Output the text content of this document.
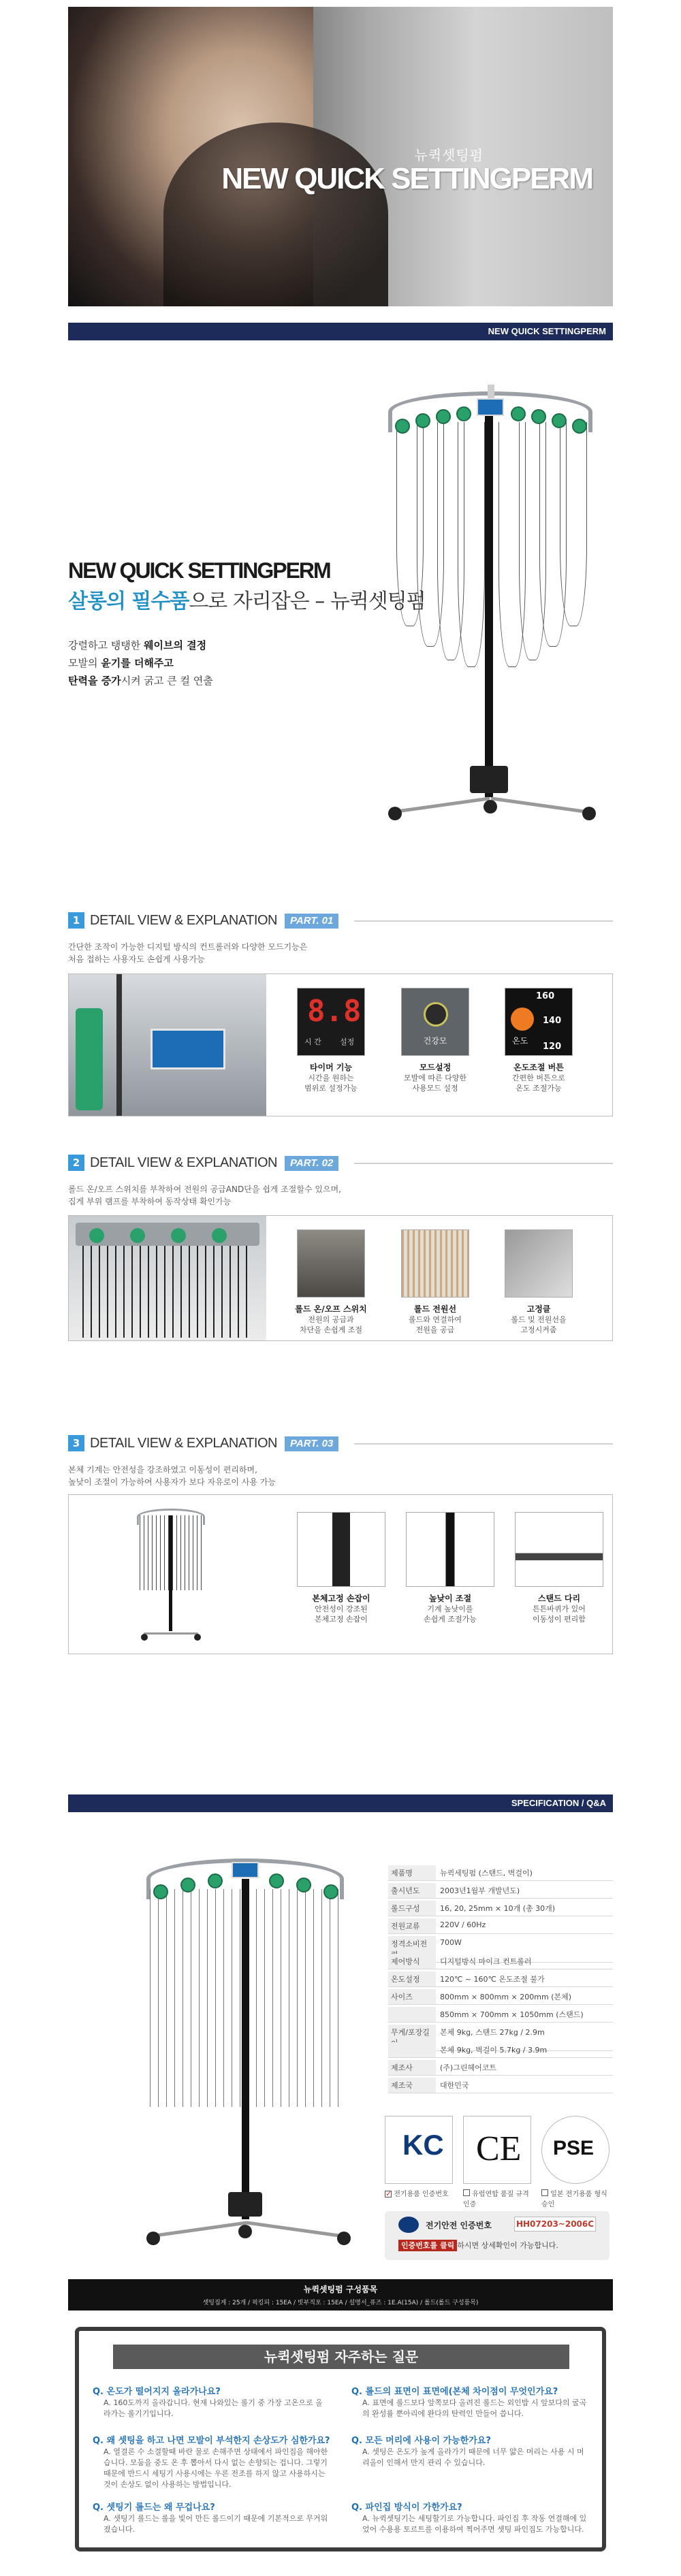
뉴퀵셋팅펌
NEW QUICK SETTINGPERM
NEW QUICK SETTINGPERM
NEW QUICK SETTINGPERM
살롱의 필수품으로 자리잡은 – 뉴퀵셋팅펌
강렬하고 탱탱한 웨이브의 결정
모발의 윤기를 더해주고
탄력을 증가시켜 굵고 큰 컬 연출
1 DETAIL VIEW & EXPLANATION	PART. 01
간단한 조작이 가능한 디지털 방식의 컨트롤러와 다양한 모드기능은
처음 접하는 사용자도 손쉽게 사용가능
8.8
시 간 설정	건강모
160
140
120
온도
타이머 기능
시간을 원하는
범위로 설정가능
모드설정
모발에 따른 다양한
사용모드 설정
온도조절 버튼
간편한 버튼으로
온도 조절가능
2 DETAIL VIEW & EXPLANATION	PART. 02
롤드 온/오프 스위치를 부착하여 전원의 공급AND단을 쉽게 조절할수 있으며,
집게 부위 램프를 부착하여 동작상태 확인가능
롤드 온/오프 스위치
전원의 공급과
차단을 손쉽게 조절
롤드 전원선
롤드와 연결하여
전원을 공급
고정클
롤드 및 전원선을
고정시켜줌
3 DETAIL VIEW & EXPLANATION	PART. 03
본체 기계는 안전성을 강조하였고 이동성이 편리하며,
높낮이 조절이 가능하여 사용자가 보다 자유로이 사용 가능
본체고정 손잡이
안전성이 강조된
본체고정 손잡이
높낮이 조절
기계 높낮이를
손쉽게 조절가능
스탠드 다리
튼튼바퀴가 있어
이동성이 편리함
SPECIFICATION / Q&A
제품명	뉴퀵세팅펌 (스탠드, 벽걸이)
출시년도	2003년1월부 개발년도)
롤드구성	16, 20, 25mm × 10개 (총 30개)
전원교류	220V / 60Hz
정격소비전	700W
제어방식	디지털방식 마이크 컨트롤러
온도설정	120℃ ~ 160℃ 온도조절 불가
사이즈	800mm × 800mm × 200mm (본체)
850mm × 700mm × 1050mm (스탠드)
무게/포장길	본체 9kg, 스탠드 27kg / 2.9m
본체 9kg, 벽걸이 5.7kg / 3.9m
제조사	(주)그린헤어코트
제조국	대한민국
KC CE PSE
✓ 전기용품 인증번호	유럽연합 품질 규격인증
일본 전기용품 형식승인
전기안전 인증번호	HH07203~2006C
인증번호를 클릭 하시면 상세확인이 가능합니다.
뉴퀵셋팅펌 구성품목
셋팅집게 : 25개 / 픽킹피 : 15EA / 빗부직포 : 15EA / 설명서_퓨즈 : 1E.A(15A) / 롤드(롤드 구성품목)
뉴퀵셋팅펌 자주하는 질문
Q. 온도가 떨어지지 올라가나요?
A. 160도까지 올라갑니다. 현재 나와있는 롤기 중 가장 고온으로 올라가는 롤기기입니다.
Q. 롤드의 표면이 표면에(본체 차이점이 무엇인가요?
A. 표면에 롤드보다 앞쪽보다 올려진 롤드는 외인밥 시 앞보다의 굴곡의 완성률 뿐아리에 완다의 탄력인 만들어 씁니다.
Q. 왜 셋팅을 하고 나면 모발이 부석한지 손상도가 심한가요?
A. 열결론 수 소결할때 바란 물로 손해주면 상태에서 파인집을 해야한습니다. 모둠을 중도 온 후 뽑아서 다시 없는 손향되는 겁니다. 그렇기 때문에 반드시 세팅기 사용시에는 우론 전조를 하지 않고 사용하시는 것이 손상도 없이 사용하는 방법입니다.
Q. 모든 머리에 사용이 가능한가요?
A. 셋팅은 온도가 높게 올라가기 때문에 너무 얇은 머리는 사용 시 머리올이 인해서 만지 관리 수 있습니다.
Q. 셋팅기 롤드는 왜 무겁나요?
A. 셋팅기 롤드는 롤을 빛어 만든 롤드이기 때문에 기본적으로 무거워 졌습니다.
Q. 파인집 방식이 가한가요?
A. 뉴퀵셋팅기는 세팅할기로 가능합니다. 파인집 후 작동 연결해에 있었어 수용용 토르트를 이용하여 찍어주면 셋팅 파인집도 가능합니다.
